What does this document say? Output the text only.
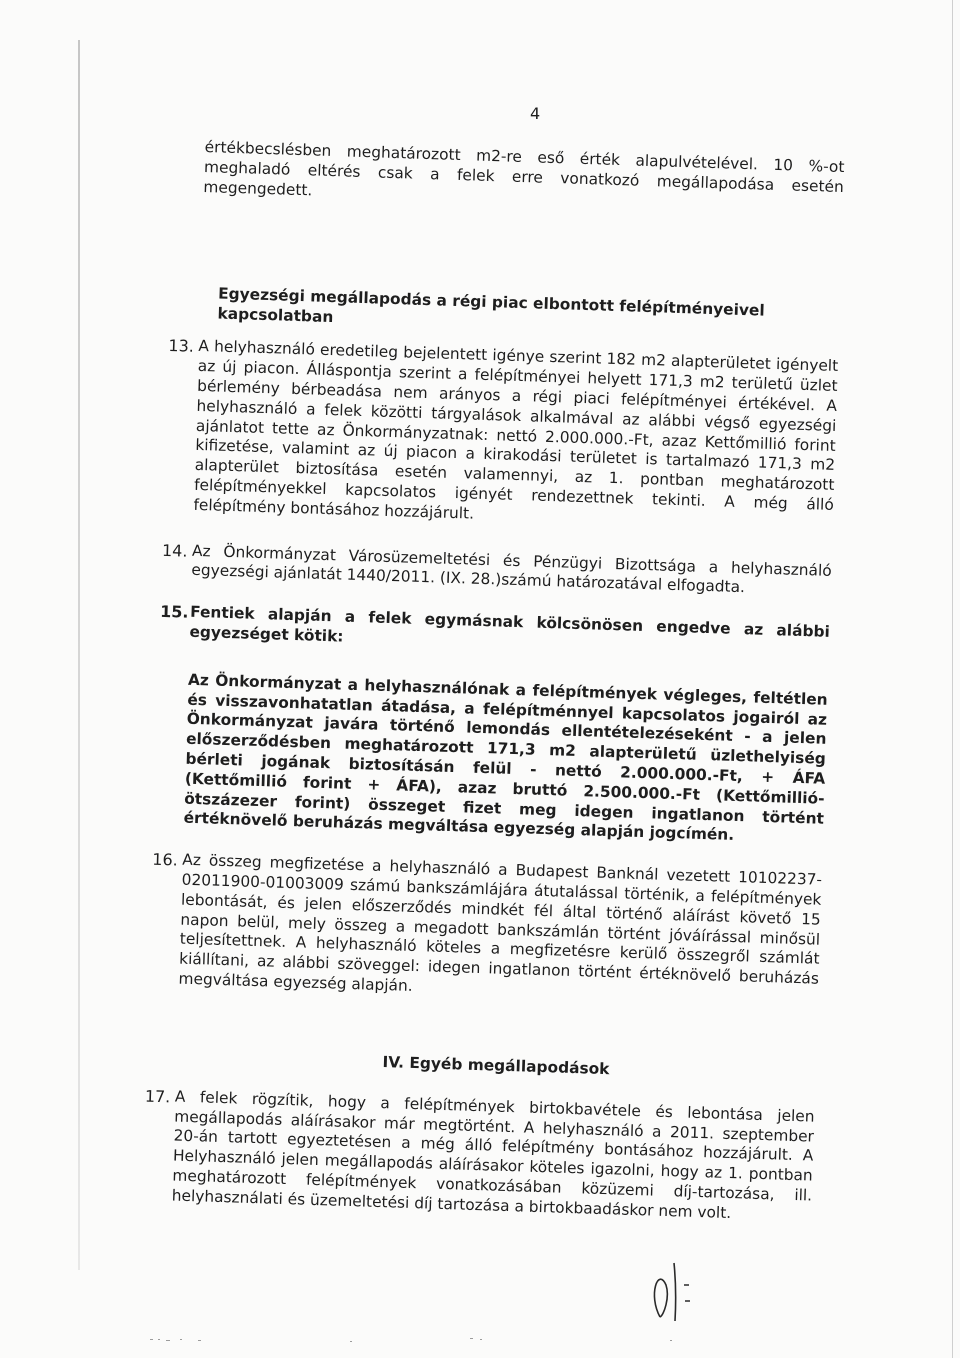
4

értékbecslésben meghatározott m2-re eső érték alapulvételével. 10 %-ot meghaladó eltérés csak a felek erre vonatkozó megállapodása esetén megengedett.

Egyezségi megállapodás a régi piac elbontott felépítményeivel kapcsolatban

13. A helyhasználó eredetileg bejelentett igénye szerint 182 m2 alapterületet igényelt az új piacon. Álláspontja szerint a felépítményei helyett 171,3 m2 területű üzlet bérlemény bérbeadása nem arányos a régi piaci felépítményei értékével. A helyhasználó a felek közötti tárgyalások alkalmával az alábbi végső egyezségi ajánlatot tette az Önkormányzatnak: nettó 2.000.000.-Ft, azaz Kettőmillió forint kifizetése, valamint az új piacon a kirakodási területet is tartalmazó 171,3 m2 alapterület biztosítása esetén valamennyi, az 1. pontban meghatározott felépítményekkel kapcsolatos igényét rendezettnek tekinti. A még álló felépítmény bontásához hozzájárult.

14. Az Önkormányzat Városüzemeltetési és Pénzügyi Bizottsága a helyhasználó egyezségi ajánlatát 1440/2011. (IX. 28.)számú határozatával elfogadta.

15. Fentiek alapján a felek egymásnak kölcsönösen engedve az alábbi egyezséget kötik:

Az Önkormányzat a helyhasználónak a felépítmények végleges, feltétlen és visszavonhatatlan átadása, a felépítménnyel kapcsolatos jogairól az Önkormányzat javára történő lemondás ellentételezéseként - a jelen előszerződésben meghatározott 171,3 m2 alapterületű üzlethelyiség bérleti jogának biztosításán felül - nettó 2.000.000.-Ft, + ÁFA (Kettőmillió forint + ÁFA), azaz bruttó 2.500.000.-Ft (Kettőmillió-ötszázezer forint) összeget fizet meg idegen ingatlanon történt értéknövelő beruházás megváltása egyezség alapján jogcímén.

16. Az összeg megfizetése a helyhasználó a Budapest Banknál vezetett 10102237-02011900-01003009 számú bankszámlájára átutalással történik, a felépítmények lebontását, és jelen előszerződés mindkét fél által történő aláírást követő 15 napon belül, mely összeg a megadott bankszámlán történt jóváírással minősül teljesítettnek. A helyhasználó köteles a megfizetésre kerülő összegről számlát kiállítani, az alábbi szöveggel: idegen ingatlanon történt értéknövelő beruházás megváltása egyezség alapján.

IV. Egyéb megállapodások

17. A felek rögzítik, hogy a felépítmények birtokbavétele és lebontása jelen megállapodás aláírásakor már megtörtént. A helyhasználó a 2011. szeptember 20-án tartott egyeztetésen a még álló felépítmény bontásához hozzájárult. A Helyhasználó jelen megállapodás aláírásakor köteles igazolni, hogy az 1. pontban meghatározott felépítmények vonatkozásában közüzemi díj-tartozása, ill. helyhasználati és üzemeltetési díj tartozása a birtokbaadáskor nem volt.
